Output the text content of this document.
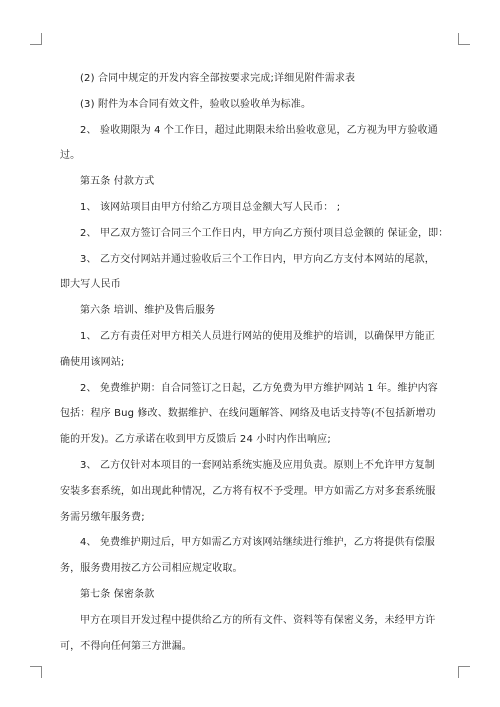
(2) 合同中规定的开发内容全部按要求完成;详细见附件需求表
(3) 附件为本合同有效文件，验收以验收单为标准。
2、 验收期限为 4 个工作日，超过此期限未给出验收意见，乙方视为甲方验收通
过。
第五条 付款方式
1、 该网站项目由甲方付给乙方项目总金额大写人民币： ;
2、 甲乙双方签订合同三个工作日内，甲方向乙方预付项目总金额的 保证金，即：
3、 乙方交付网站并通过验收后三个工作日内，甲方向乙方支付本网站的尾款，
即大写人民币
第六条 培训、维护及售后服务
1、 乙方有责任对甲方相关人员进行网站的使用及维护的培训，以确保甲方能正
确使用该网站;
2、 免费维护期：自合同签订之日起，乙方免费为甲方维护网站 1 年。维护内容
包括：程序 Bug 修改、数据维护、在线问题解答、网络及电话支持等(不包括新增功
能的开发)。乙方承诺在收到甲方反馈后 24 小时内作出响应;
3、 乙方仅针对本项目的一套网站系统实施及应用负责。原则上不允许甲方复制
安装多套系统，如出现此种情况，乙方将有权不予受理。甲方如需乙方对多套系统服
务需另缴年服务费;
4、 免费维护期过后，甲方如需乙方对该网站继续进行维护，乙方将提供有偿服
务，服务费用按乙方公司相应规定收取。
第七条 保密条款
甲方在项目开发过程中提供给乙方的所有文件、资料等有保密义务，未经甲方许
可，不得向任何第三方泄漏。
